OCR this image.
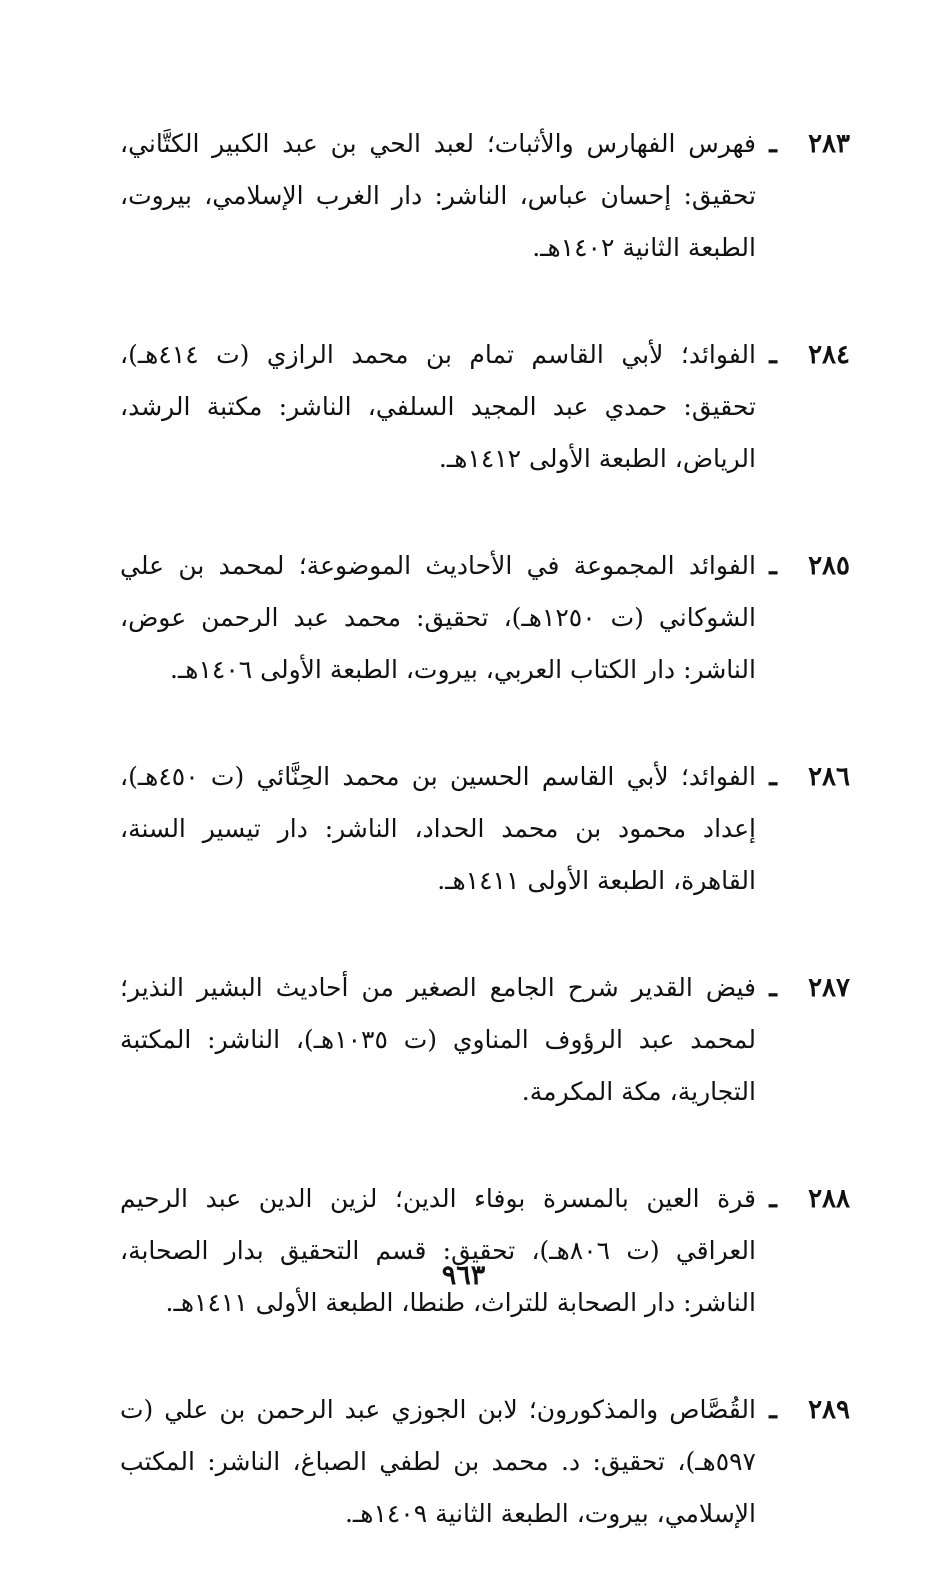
٢٨٣
ـ
فهرس الفهارس والأثبات؛ لعبد الحي بن عبد الكبير الكتَّاني، تحقيق: إحسان عباس، الناشر: دار الغرب الإسلامي، بيروت، الطبعة الثانية ١٤٠٢هـ.
٢٨٤
ـ
الفوائد؛ لأبي القاسم تمام بن محمد الرازي (ت ٤١٤هـ)، تحقيق: حمدي عبد المجيد السلفي، الناشر: مكتبة الرشد، الرياض، الطبعة الأولى ١٤١٢هـ.
٢٨٥
ـ
الفوائد المجموعة في الأحاديث الموضوعة؛ لمحمد بن علي الشوكاني (ت ١٢٥٠هـ)، تحقيق: محمد عبد الرحمن عوض، الناشر: دار الكتاب العربي، بيروت، الطبعة الأولى ١٤٠٦هـ.
٢٨٦
ـ
الفوائد؛ لأبي القاسم الحسين بن محمد الحِنَّائي (ت ٤٥٠هـ)، إعداد محمود بن محمد الحداد، الناشر: دار تيسير السنة، القاهرة، الطبعة الأولى ١٤١١هـ.
٢٨٧
ـ
فيض القدير شرح الجامع الصغير من أحاديث البشير النذير؛ لمحمد عبد الرؤوف المناوي (ت ١٠٣٥هـ)، الناشر: المكتبة التجارية، مكة المكرمة.
٢٨٨
ـ
قرة العين بالمسرة بوفاء الدين؛ لزين الدين عبد الرحيم العراقي (ت ٨٠٦هـ)، تحقيق: قسم التحقيق بدار الصحابة، الناشر: دار الصحابة للتراث، طنطا، الطبعة الأولى ١٤١١هـ.
٢٨٩
ـ
القُصَّاص والمذكورون؛ لابن الجوزي عبد الرحمن بن علي (ت ٥٩٧هـ)، تحقيق: د. محمد بن لطفي الصباغ، الناشر: المكتب الإسلامي، بيروت، الطبعة الثانية ١٤٠٩هـ.
٩٦٣
